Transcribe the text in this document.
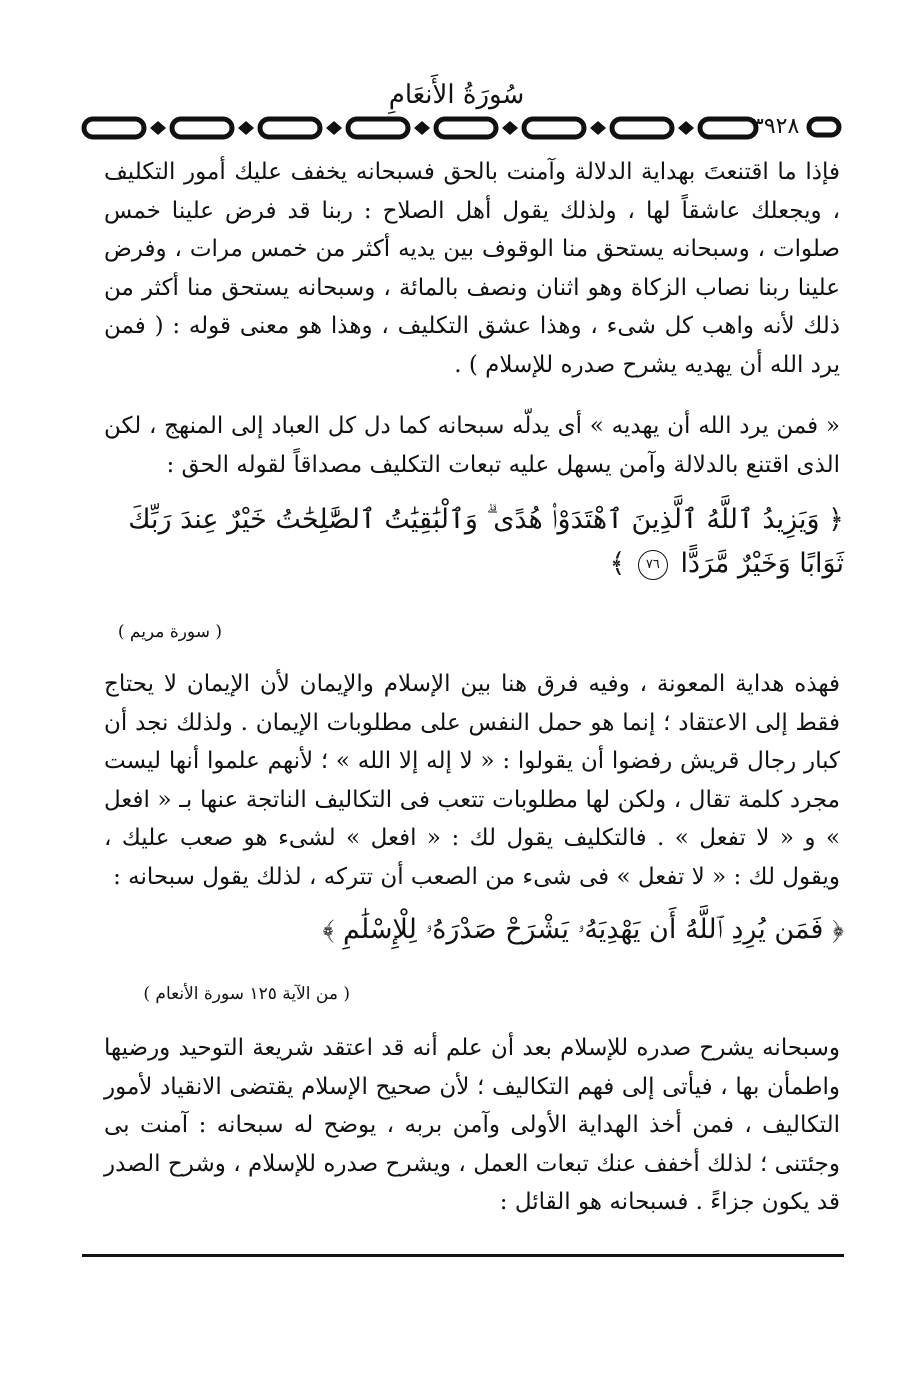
سُورَةُ الأَنعَامِ
٣٩٢٨
فإذا ما اقتنعتَ بهداية الدلالة وآمنت بالحق فسبحانه يخفف عليك أمور التكليف ، ويجعلك عاشقاً لها ، ولذلك يقول أهل الصلاح : ربنا قد فرض علينا خمس صلوات ، وسبحانه يستحق منا الوقوف بين يديه أكثر من خمس مرات ، وفرض علينا ربنا نصاب الزكاة وهو اثنان ونصف بالمائة ، وسبحانه يستحق منا أكثر من ذلك لأنه واهب كل شىء ، وهذا عشق التكليف ، وهذا هو معنى قوله : ( فمن يرد الله أن يهديه يشرح صدره للإسلام ) .
« فمن يرد الله أن يهديه » أى يدلّه سبحانه كما دل كل العباد إلى المنهج ، لكن الذى اقتنع بالدلالة وآمن يسهل عليه تبعات التكليف مصداقاً لقوله الحق :
﴿ وَيَزِيدُ ٱللَّهُ ٱلَّذِينَ ٱهْتَدَوْا۟ هُدًى ۗ وَٱلْبَٰقِيَٰتُ ٱلصَّٰلِحَٰتُ خَيْرٌ عِندَ رَبِّكَ ثَوَابًا وَخَيْرٌ مَّرَدًّا ٧٦ ﴾
( سورة مريم )
فهذه هداية المعونة ، وفيه فرق هنا بين الإسلام والإيمان لأن الإيمان لا يحتاج فقط إلى الاعتقاد ؛ إنما هو حمل النفس على مطلوبات الإيمان . ولذلك نجد أن كبار رجال قريش رفضوا أن يقولوا : « لا إله إلا الله » ؛ لأنهم علموا أنها ليست مجرد كلمة تقال ، ولكن لها مطلوبات تتعب فى التكاليف الناتجة عنها بـ « افعل » و « لا تفعل » . فالتكليف يقول لك : « افعل » لشىء هو صعب عليك ، ويقول لك : « لا تفعل » فى شىء من الصعب أن تتركه ، لذلك يقول سبحانه :
﴿ فَمَن يُرِدِ ٱللَّهُ أَن يَهْدِيَهُۥ يَشْرَحْ صَدْرَهُۥ لِلْإِسْلَٰمِ ﴾
( من الآية ١٢٥ سورة الأنعام )
وسبحانه يشرح صدره للإسلام بعد أن علم أنه قد اعتقد شريعة التوحيد ورضيها واطمأن بها ، فيأتى إلى فهم التكاليف ؛ لأن صحيح الإسلام يقتضى الانقياد لأمور التكاليف ، فمن أخذ الهداية الأولى وآمن بربه ، يوضح له سبحانه : آمنت بى وجئتنى ؛ لذلك أخفف عنك تبعات العمل ، ويشرح صدره للإسلام ، وشرح الصدر قد يكون جزاءً . فسبحانه هو القائل :
